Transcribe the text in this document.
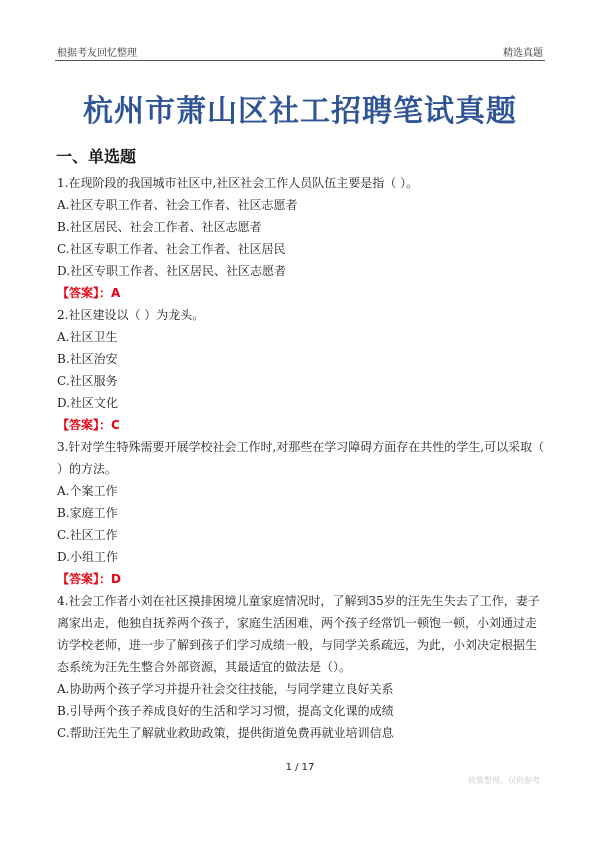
根据考友回忆整理	精选真题
杭州市萧山区社工招聘笔试真题
一、单选题
1.在现阶段的我国城市社区中,社区社会工作人员队伍主要是指（ ）。
A.社区专职工作者、社会工作者、社区志愿者
B.社区居民、社会工作者、社区志愿者
C.社区专职工作者、社会工作者、社区居民
D.社区专职工作者、社区居民、社区志愿者
【答案】：A
2.社区建设以（ ）为龙头。
A.社区卫生
B.社区治安
C.社区服务
D.社区文化
【答案】：C
3.针对学生特殊需要开展学校社会工作时,对那些在学习障碍方面存在共性的学生,可以采取（ ）的方法。
A.个案工作
B.家庭工作
C.社区工作
D.小组工作
【答案】：D
4.社会工作者小刘在社区摸排困境儿童家庭情况时，了解到35岁的汪先生失去了工作，妻子离家出走，他独自抚养两个孩子，家庭生活困难，两个孩子经常饥一顿饱一顿，小刘通过走访学校老师，进一步了解到孩子们学习成绩一般，与同学关系疏远，为此，小刘决定根据生态系统为汪先生整合外部资源，其最适宜的做法是（）。
A.协助两个孩子学习并提升社会交往技能，与同学建立良好关系
B.引导两个孩子养成良好的生活和学习习惯，提高文化课的成绩
C.帮助汪先生了解就业救助政策，提供街道免费再就业培训信息
1 / 17
收集整理，仅供参考
